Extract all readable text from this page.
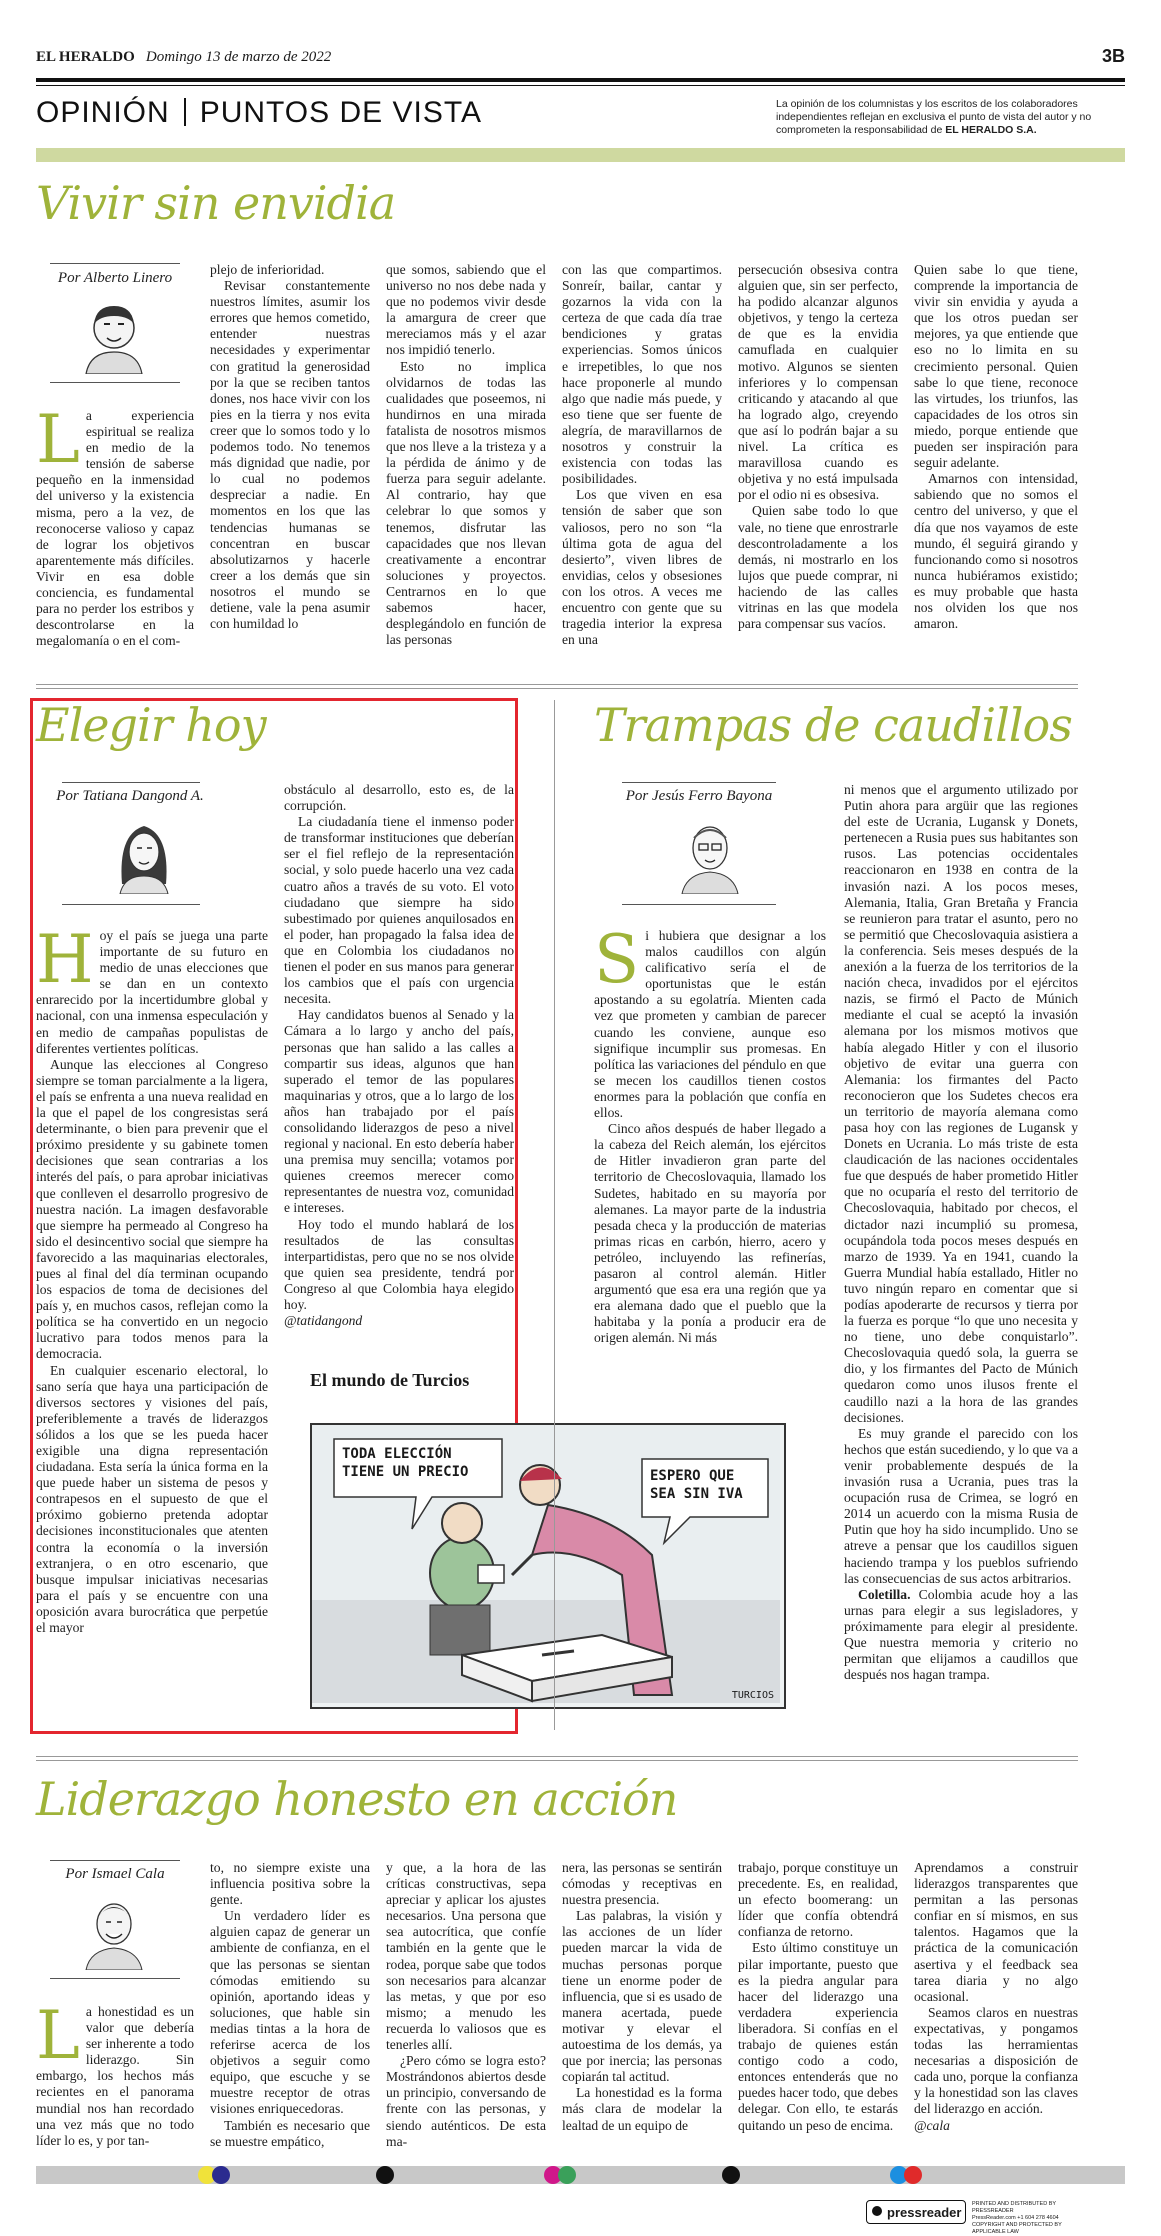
EL HERALDO Domingo 13 de marzo de 2022	3B
OPINIÓN PUNTOS DE VISTA	La opinión de los columnistas y los escritos de los colaboradores independientes reflejan en exclusiva el punto de vista del autor y no comprometen la responsabilidad de EL HERALDO S.A.
Vivir sin envidia
Por Alberto Linero
L a experiencia espiritual se realiza en medio de la tensión de saberse pequeño en la inmensidad del universo y la existencia misma, pero a la vez, de reconocerse valioso y capaz de lograr los objetivos aparentemente más difíciles. Vivir en esa doble conciencia, es fundamental para no perder los estribos y descontrolarse en la megalomanía o en el com-

plejo de inferioridad.

Revisar constantemente nuestros límites, asumir los errores que hemos cometido, entender nuestras necesidades y experimentar con gratitud la generosidad por la que se reciben tantos dones, nos hace vivir con los pies en la tierra y nos evita creer que lo somos todo y lo podemos todo. No tenemos más dignidad que nadie, por lo cual no podemos despreciar a nadie. En momentos en los que las tendencias humanas se concentran en buscar absolutizarnos y hacerle creer a los demás que sin nosotros el mundo se detiene, vale la pena asumir con humildad lo

que somos, sabiendo que el universo no nos debe nada y que no podemos vivir desde la amargura de creer que mereciamos más y el azar nos impidió tenerlo.

Esto no implica olvidarnos de todas las cualidades que poseemos, ni hundirnos en una mirada fatalista de nosotros mismos que nos lleve a la tristeza y a la pérdida de ánimo y de fuerza para seguir adelante. Al contrario, hay que celebrar lo que somos y tenemos, disfrutar las capacidades que nos llevan creativamente a encontrar soluciones y proyectos. Centrarnos en lo que sabemos hacer, desplegándolo en función de las personas

con las que compartimos. Sonreír, bailar, cantar y gozarnos la vida con la certeza de que cada día trae bendiciones y gratas experiencias. Somos únicos e irrepetibles, lo que nos hace proponerle al mundo algo que nadie más puede, y eso tiene que ser fuente de alegría, de maravillarnos de nosotros y construir la existencia con todas las posibilidades.

Los que viven en esa tensión de saber que son valiosos, pero no son “la última gota de agua del desierto”, viven libres de envidias, celos y obsesiones con los otros. A veces me encuentro con gente que su tragedia interior la expresa en una

persecución obsesiva contra alguien que, sin ser perfecto, ha podido alcanzar algunos objetivos, y tengo la certeza de que es la envidia camuflada en cualquier motivo. Algunos se sienten inferiores y lo compensan criticando y atacando al que ha logrado algo, creyendo que así lo podrán bajar a su nivel. La crítica es maravillosa cuando es objetiva y no está impulsada por el odio ni es obsesiva.

Quien sabe todo lo que vale, no tiene que enrostrarle descontroladamente a los demás, ni mostrarlo en los lujos que puede comprar, ni haciendo de las calles vitrinas en las que modela para compensar sus vacíos.

Quien sabe lo que tiene, comprende la importancia de vivir sin envidia y ayuda a que los otros puedan ser mejores, ya que entiende que eso no lo limita en su crecimiento personal. Quien sabe lo que tiene, reconoce las virtudes, los triunfos, las capacidades de los otros sin miedo, porque entiende que pueden ser inspiración para seguir adelante.

Amarnos con intensidad, sabiendo que no somos el centro del universo, y que el día que nos vayamos de este mundo, él seguirá girando y funcionando como si nosotros nunca hubiéramos existido; es muy probable que hasta nos olviden los que nos amaron.

Elegir hoy
Por Tatiana Dangond A.
H oy el país se juega una parte importante de su futuro en medio de unas elecciones que se dan en un contexto enrarecido por la incertidumbre global y nacional, con una inmensa especulación y en medio de campañas populistas de diferentes vertientes políticas.

Aunque las elecciones al Congreso siempre se toman parcialmente a la ligera, el país se enfrenta a una nueva realidad en la que el papel de los congresistas será determinante, o bien para prevenir que el próximo presidente y su gabinete tomen decisiones que sean contrarias a los interés del país, o para aprobar iniciativas que conlleven el desarrollo progresivo de nuestra nación. La imagen desfavorable que siempre ha permeado al Congreso ha sido el desincentivo social que siempre ha favorecido a las maquinarias electorales, pues al final del día terminan ocupando los espacios de toma de decisiones del país y, en muchos casos, reflejan como la política se ha convertido en un negocio lucrativo para todos menos para la democracia.

En cualquier escenario electoral, lo sano sería que haya una participación de diversos sectores y visiones del país, preferiblemente a través de liderazgos sólidos a los que se les pueda hacer exigible una digna representación ciudadana. Esta sería la única forma en la que puede haber un sistema de pesos y contrapesos en el supuesto de que el próximo gobierno pretenda adoptar decisiones inconstitucionales que atenten contra la economía o la inversión extranjera, o en otro escenario, que busque impulsar iniciativas necesarias para el país y se encuentre con una oposición avara burocrática que perpetúe el mayor

obstáculo al desarrollo, esto es, de la corrupción.

La ciudadanía tiene el inmenso poder de transformar instituciones que deberían ser el fiel reflejo de la representación social, y solo puede hacerlo una vez cada cuatro años a través de su voto. El voto ciudadano que siempre ha sido subestimado por quienes anquilosados en el poder, han propagado la falsa idea de que en Colombia los ciudadanos no tienen el poder en sus manos para generar los cambios que el país con urgencia necesita.

Hay candidatos buenos al Senado y la Cámara a lo largo y ancho del país, personas que han salido a las calles a compartir sus ideas, algunos que han superado el temor de las populares maquinarias y otros, que a lo largo de los años han trabajado por el país consolidando liderazgos de peso a nivel regional y nacional. En esto debería haber una premisa muy sencilla; votamos por quienes creemos merecer como representantes de nuestra voz, comunidad e intereses.

Hoy todo el mundo hablará de los resultados de las consultas interpartidistas, pero que no se nos olvide que quien sea presidente, tendrá por Congreso al que Colombia haya elegido hoy.

@tatidangond

El mundo de Turcios
TODA ELECCIÓN TIENE UN PRECIO	ESPERO QUE SEA SIN IVA
TURCIOS
Trampas de caudillos
Por Jesús Ferro Bayona
S i hubiera que designar a los malos caudillos con algún calificativo sería el de oportunistas que le están apostando a su egolatría. Mienten cada vez que prometen y cambian de parecer cuando les conviene, aunque eso signifique incumplir sus promesas. En política las variaciones del péndulo en que se mecen los caudillos tienen costos enormes para la población que confía en ellos.

Cinco años después de haber llegado a la cabeza del Reich alemán, los ejércitos de Hitler invadieron gran parte del territorio de Checoslovaquia, llamado los Sudetes, habitado en su mayoría por alemanes. La mayor parte de la industria pesada checa y la producción de materias primas ricas en carbón, hierro, acero y petróleo, incluyendo las refinerías, pasaron al control alemán. Hitler argumentó que esa era una región que ya era alemana dado que el pueblo que la habitaba y la ponía a producir era de origen alemán. Ni más

ni menos que el argumento utilizado por Putin ahora para argüir que las regiones del este de Ucrania, Lugansk y Donets, pertenecen a Rusia pues sus habitantes son rusos. Las potencias occidentales reaccionaron en 1938 en contra de la invasión nazi. A los pocos meses, Alemania, Italia, Gran Bretaña y Francia se reunieron para tratar el asunto, pero no se permitió que Checoslovaquia asistiera a la conferencia. Seis meses después de la anexión a la fuerza de los territorios de la nación checa, invadidos por el ejércitos nazis, se firmó el Pacto de Múnich mediante el cual se aceptó la invasión alemana por los mismos motivos que había alegado Hitler y con el ilusorio objetivo de evitar una guerra con Alemania: los firmantes del Pacto reconocieron que los Sudetes checos era un territorio de mayoría alemana como pasa hoy con las regiones de Lugansk y Donets en Ucrania. Lo más triste de esta claudicación de las naciones occidentales fue que después de haber prometido Hitler que no ocuparía el resto del territorio de Checoslovaquia, habitado por checos, el dictador nazi incumplió su promesa, ocupándola toda pocos meses después en marzo de 1939. Ya en 1941, cuando la Guerra Mundial había estallado, Hitler no tuvo ningún reparo en comentar que si podías apoderarte de recursos y tierra por la fuerza es porque “lo que uno necesita y no tiene, uno debe conquistarlo”. Checoslovaquia quedó sola, la guerra se dio, y los firmantes del Pacto de Múnich quedaron como unos ilusos frente el caudillo nazi a la hora de las grandes decisiones.

Es muy grande el parecido con los hechos que están sucediendo, y lo que va a venir probablemente después de la invasión rusa a Ucrania, pues tras la ocupación rusa de Crimea, se logró en 2014 un acuerdo con la misma Rusia de Putin que hoy ha sido incumplido. Uno se atreve a pensar que los caudillos siguen haciendo trampa y los pueblos sufriendo las consecuencias de sus actos arbitrarios.

Coletilla. Colombia acude hoy a las urnas para elegir a sus legisladores, y próximamente para elegir al presidente. Que nuestra memoria y criterio no permitan que elijamos a caudillos que después nos hagan trampa.

Liderazgo honesto en acción
Por Ismael Cala
L a honestidad es un valor que debería ser inherente a todo liderazgo. Sin embargo, los hechos más recientes en el panorama mundial nos han recordado una vez más que no todo líder lo es, y por tan-

to, no siempre existe una influencia positiva sobre la gente.

Un verdadero líder es alguien capaz de generar un ambiente de confianza, en el que las personas se sientan cómodas emitiendo su opinión, aportando ideas y soluciones, que hable sin medias tintas a la hora de referirse acerca de los objetivos a seguir como equipo, que escuche y se muestre receptor de otras visiones enriquecedoras.

También es necesario que se muestre empático,

y que, a la hora de las críticas constructivas, sepa apreciar y aplicar los ajustes necesarios. Una persona que sea autocrítica, que confíe también en la gente que le rodea, porque sabe que todos son necesarios para alcanzar las metas, y que por eso mismo; a menudo les recuerda lo valiosos que es tenerles allí.

¿Pero cómo se logra esto? Mostrándonos abiertos desde un principio, conversando de frente con las personas, y siendo auténticos. De esta ma-

nera, las personas se sentirán cómodas y receptivas en nuestra presencia.

Las palabras, la visión y las acciones de un líder pueden marcar la vida de muchas personas porque tiene un enorme poder de influencia, que si es usado de manera acertada, puede motivar y elevar el autoestima de los demás, ya que por inercia; las personas copiarán tal actitud.

La honestidad es la forma más clara de modelar la lealtad de un equipo de

trabajo, porque constituye un precedente. Es, en realidad, un efecto boomerang: un líder que confía obtendrá confianza de retorno.

Esto último constituye un pilar importante, puesto que es la piedra angular para hacer del liderazgo una verdadera experiencia liberadora. Si confías en el trabajo de quienes están contigo codo a codo, entonces entenderás que no puedes hacer todo, que debes delegar. Con ello, te estarás quitando un peso de encima.

Aprendamos a construir liderazgos transparentes que permitan a las personas confiar en sí mismos, en sus talentos. Hagamos que la práctica de la comunicación asertiva y el feedback sea tarea diaria y no algo ocasional.

Seamos claros en nuestras expectativas, y pongamos todas las herramientas necesarias a disposición de cada uno, porque la confianza y la honestidad son las claves del liderazgo en acción.

@cala

pressreader
PRINTED AND DISTRIBUTED BY PRESSREADER
PressReader.com +1 604 278 4604
COPYRIGHT AND PROTECTED BY APPLICABLE LAW
